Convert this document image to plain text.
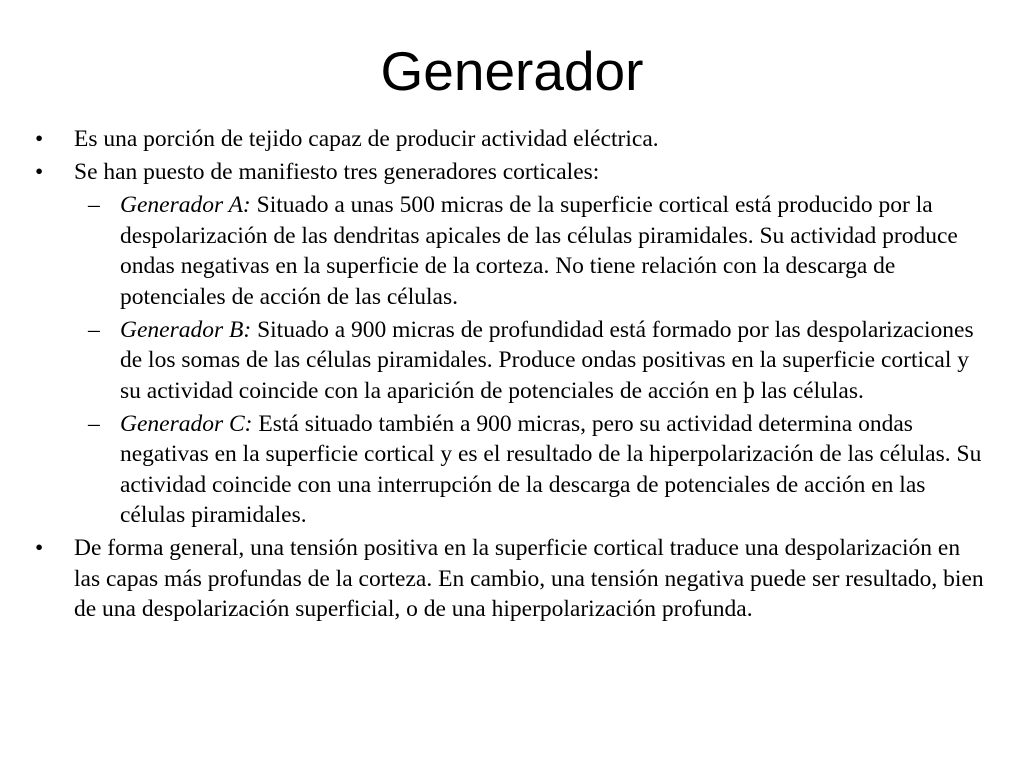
Generador

• Es una porción de tejido capaz de producir actividad eléctrica.

• Se han puesto de manifiesto tres generadores corticales:

– Generador A: Situado a unas 500 micras de la superficie cortical está producido por la despolarización de las dendritas apicales de las células piramidales. Su actividad produce ondas negativas en la superficie de la corteza. No tiene relación con la descarga de potenciales de acción de las células.

– Generador B: Situado a 900 micras de profundidad está formado por las despolarizaciones de los somas de las células piramidales. Produce ondas positivas en la superficie cortical y su actividad coincide con la aparición de potenciales de acción en þ las células.

– Generador C: Está situado también a 900 micras, pero su actividad determina ondas negativas en la superficie cortical y es el resultado de la hiperpolarización de las células. Su actividad coincide con una interrupción de la descarga de potenciales de acción en las células piramidales.

• De forma general, una tensión positiva en la superficie cortical traduce una despolarización en las capas más profundas de la corteza. En cambio, una tensión negativa puede ser resultado, bien de una despolarización superficial, o de una hiperpolarización profunda.
